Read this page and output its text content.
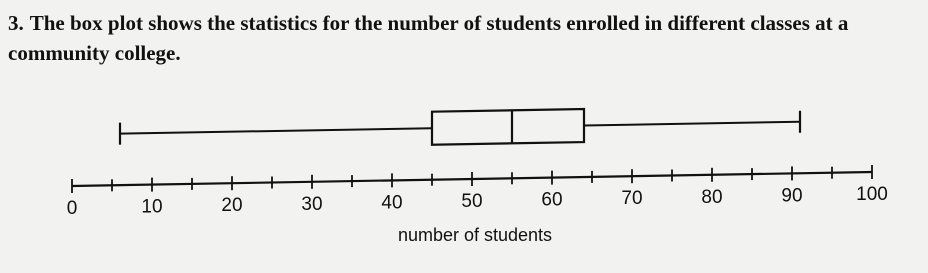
3. The box plot shows the statistics for the number of students enrolled in different classes at a community college.

0	10	20	30	40	50	60	70	80	90	100
number of students
